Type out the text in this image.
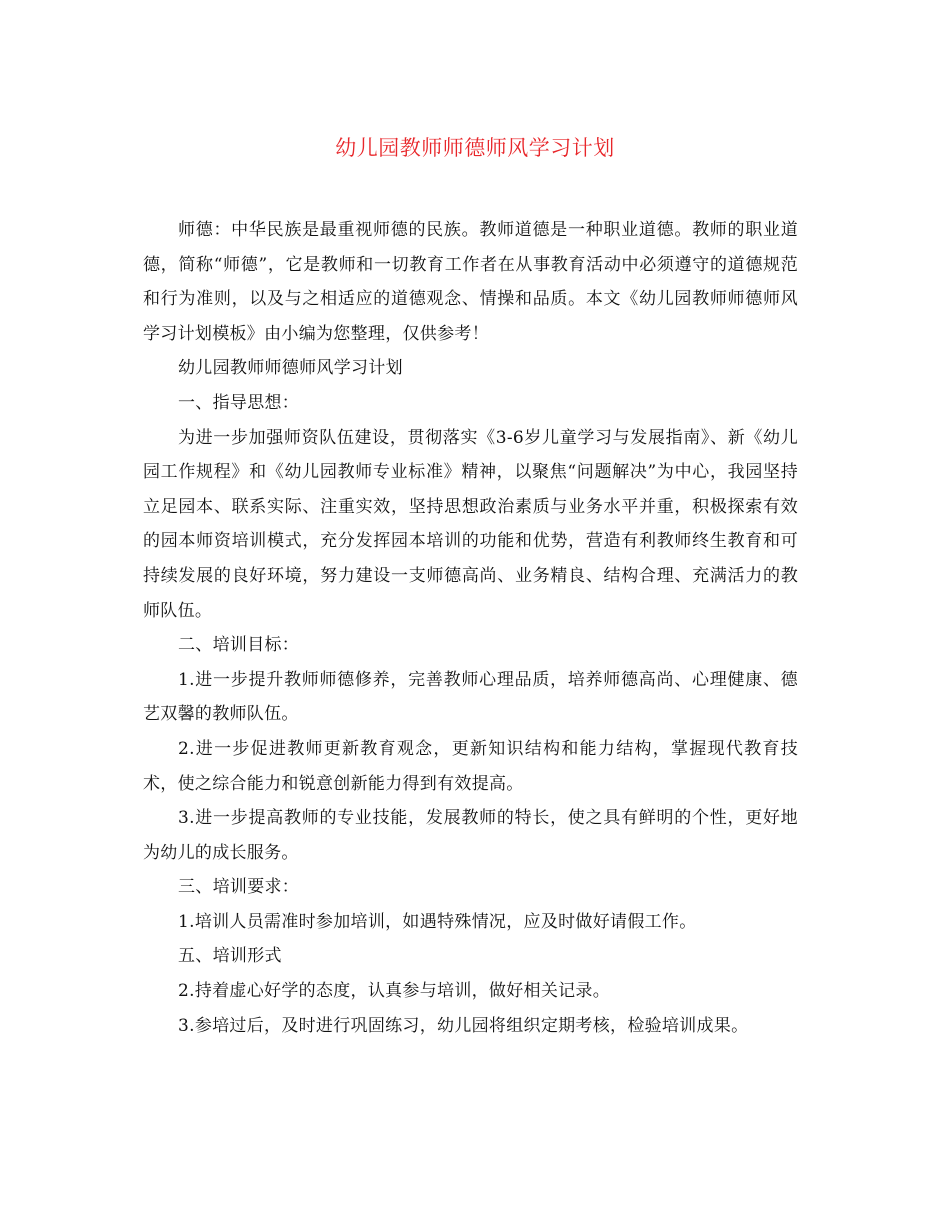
幼儿园教师师德师风学习计划

师德：中华民族是最重视师德的民族。教师道德是一种职业道德。教师的职业道德，简称“师德”，它是教师和一切教育工作者在从事教育活动中必须遵守的道德规范和行为准则，以及与之相适应的道德观念、情操和品质。本文《幼儿园教师师德师风学习计划模板》由小编为您整理，仅供参考！

幼儿园教师师德师风学习计划

一、指导思想：

为进一步加强师资队伍建设，贯彻落实《3-6岁儿童学习与发展指南》、新《幼儿园工作规程》和《幼儿园教师专业标准》精神，以聚焦“问题解决”为中心，我园坚持立足园本、联系实际、注重实效，坚持思想政治素质与业务水平并重，积极探索有效的园本师资培训模式，充分发挥园本培训的功能和优势，营造有利教师终生教育和可持续发展的良好环境，努力建设一支师德高尚、业务精良、结构合理、充满活力的教师队伍。

二、培训目标：

1.进一步提升教师师德修养，完善教师心理品质，培养师德高尚、心理健康、德艺双馨的教师队伍。

2.进一步促进教师更新教育观念，更新知识结构和能力结构，掌握现代教育技术，使之综合能力和锐意创新能力得到有效提高。

3.进一步提高教师的专业技能，发展教师的特长，使之具有鲜明的个性，更好地为幼儿的成长服务。

三、培训要求：

1.培训人员需准时参加培训，如遇特殊情况，应及时做好请假工作。

五、培训形式

2.持着虚心好学的态度，认真参与培训，做好相关记录。

3.参培过后，及时进行巩固练习，幼儿园将组织定期考核，检验培训成果。
